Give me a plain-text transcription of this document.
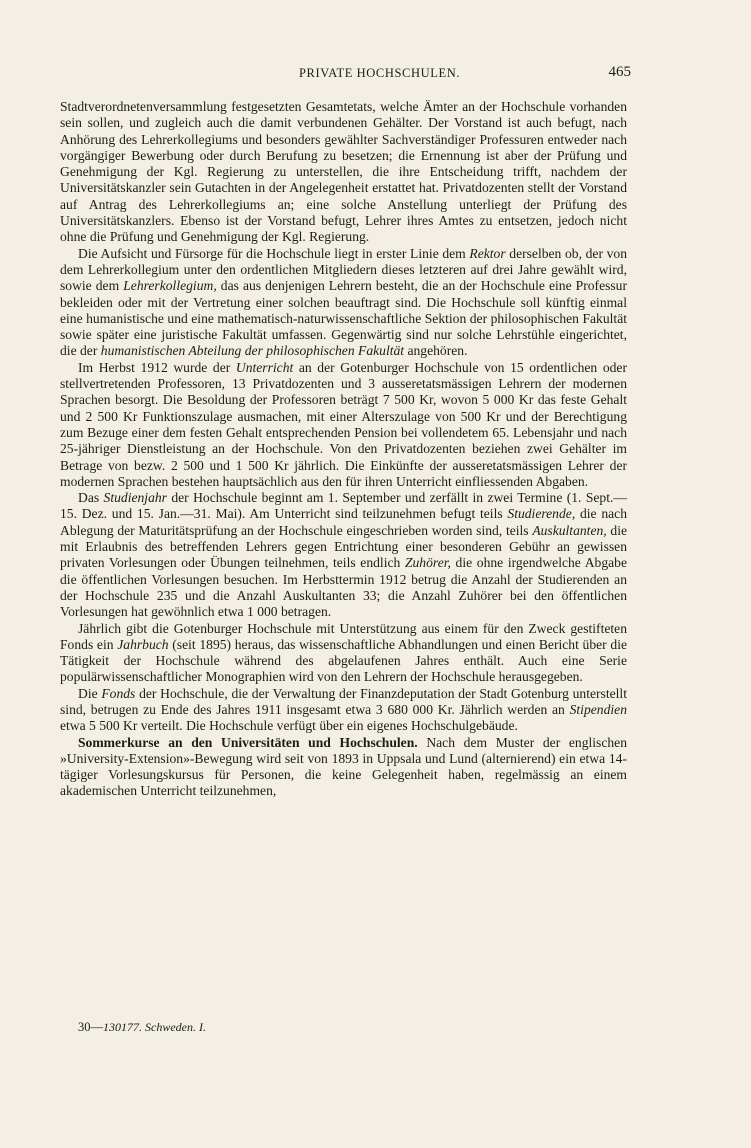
PRIVATE HOCHSCHULEN.	465

Stadtverordnetenversammlung festgesetzten Gesamtetats, welche Ämter an der Hochschule vorhanden sein sollen, und zugleich auch die damit verbundenen Gehälter. Der Vorstand ist auch befugt, nach Anhörung des Lehrerkollegiums und besonders gewählter Sachverständiger Professuren entweder nach vorgängiger Bewerbung oder durch Berufung zu besetzen; die Ernennung ist aber der Prüfung und Genehmigung der Kgl. Regierung zu unterstellen, die ihre Entscheidung trifft, nachdem der Universitätskanzler sein Gutachten in der Angelegenheit erstattet hat. Privatdozenten stellt der Vorstand auf Antrag des Lehrerkollegiums an; eine solche Anstellung unterliegt der Prüfung des Universitätskanzlers. Ebenso ist der Vorstand befugt, Lehrer ihres Amtes zu entsetzen, jedoch nicht ohne die Prüfung und Genehmigung der Kgl. Regierung.

Die Aufsicht und Fürsorge für die Hochschule liegt in erster Linie dem Rektor derselben ob, der von dem Lehrerkollegium unter den ordentlichen Mitgliedern dieses letzteren auf drei Jahre gewählt wird, sowie dem Lehrerkollegium, das aus denjenigen Lehrern besteht, die an der Hochschule eine Professur bekleiden oder mit der Vertretung einer solchen beauftragt sind. Die Hochschule soll künftig einmal eine humanistische und eine mathematisch-naturwissenschaftliche Sektion der philosophischen Fakultät sowie später eine juristische Fakultät umfassen. Gegenwärtig sind nur solche Lehrstühle eingerichtet, die der humanistischen Abteilung der philosophischen Fakultät angehören.

Im Herbst 1912 wurde der Unterricht an der Gotenburger Hochschule von 15 ordentlichen oder stellvertretenden Professoren, 13 Privatdozenten und 3 ausseretatsmässigen Lehrern der modernen Sprachen besorgt. Die Besoldung der Professoren beträgt 7 500 Kr, wovon 5 000 Kr das feste Gehalt und 2 500 Kr Funktionszulage ausmachen, mit einer Alterszulage von 500 Kr und der Berechtigung zum Bezuge einer dem festen Gehalt entsprechenden Pension bei vollendetem 65. Lebensjahr und nach 25-jähriger Dienstleistung an der Hochschule. Von den Privatdozenten beziehen zwei Gehälter im Betrage von bezw. 2 500 und 1 500 Kr jährlich. Die Einkünfte der ausseretatsmässigen Lehrer der modernen Sprachen bestehen hauptsächlich aus den für ihren Unterricht einfliessenden Abgaben.

Das Studienjahr der Hochschule beginnt am 1. September und zerfällt in zwei Termine (1. Sept.—15. Dez. und 15. Jan.—31. Mai). Am Unterricht sind teilzunehmen befugt teils Studierende, die nach Ablegung der Maturitätsprüfung an der Hochschule eingeschrieben worden sind, teils Auskultanten, die mit Erlaubnis des betreffenden Lehrers gegen Entrichtung einer besonderen Gebühr an gewissen privaten Vorlesungen oder Übungen teilnehmen, teils endlich Zuhörer, die ohne irgendwelche Abgabe die öffentlichen Vorlesungen besuchen. Im Herbsttermin 1912 betrug die Anzahl der Studierenden an der Hochschule 235 und die Anzahl Auskultanten 33; die Anzahl Zuhörer bei den öffentlichen Vorlesungen hat gewöhnlich etwa 1 000 betragen.

Jährlich gibt die Gotenburger Hochschule mit Unterstützung aus einem für den Zweck gestifteten Fonds ein Jahrbuch (seit 1895) heraus, das wissenschaftliche Abhandlungen und einen Bericht über die Tätigkeit der Hochschule während des abgelaufenen Jahres enthält. Auch eine Serie populärwissenschaftlicher Monographien wird von den Lehrern der Hochschule herausgegeben.

Die Fonds der Hochschule, die der Verwaltung der Finanzdeputation der Stadt Gotenburg unterstellt sind, betrugen zu Ende des Jahres 1911 insgesamt etwa 3 680 000 Kr. Jährlich werden an Stipendien etwa 5 500 Kr verteilt. Die Hochschule verfügt über ein eigenes Hochschulgebäude.

Sommerkurse an den Universitäten und Hochschulen. Nach dem Muster der englischen »University-Extension»-Bewegung wird seit von 1893 in Uppsala und Lund (alternierend) ein etwa 14-tägiger Vorlesungskursus für Personen, die keine Gelegenheit haben, regelmässig an einem akademischen Unterricht teilzunehmen,

30—130177. Schweden. I.
